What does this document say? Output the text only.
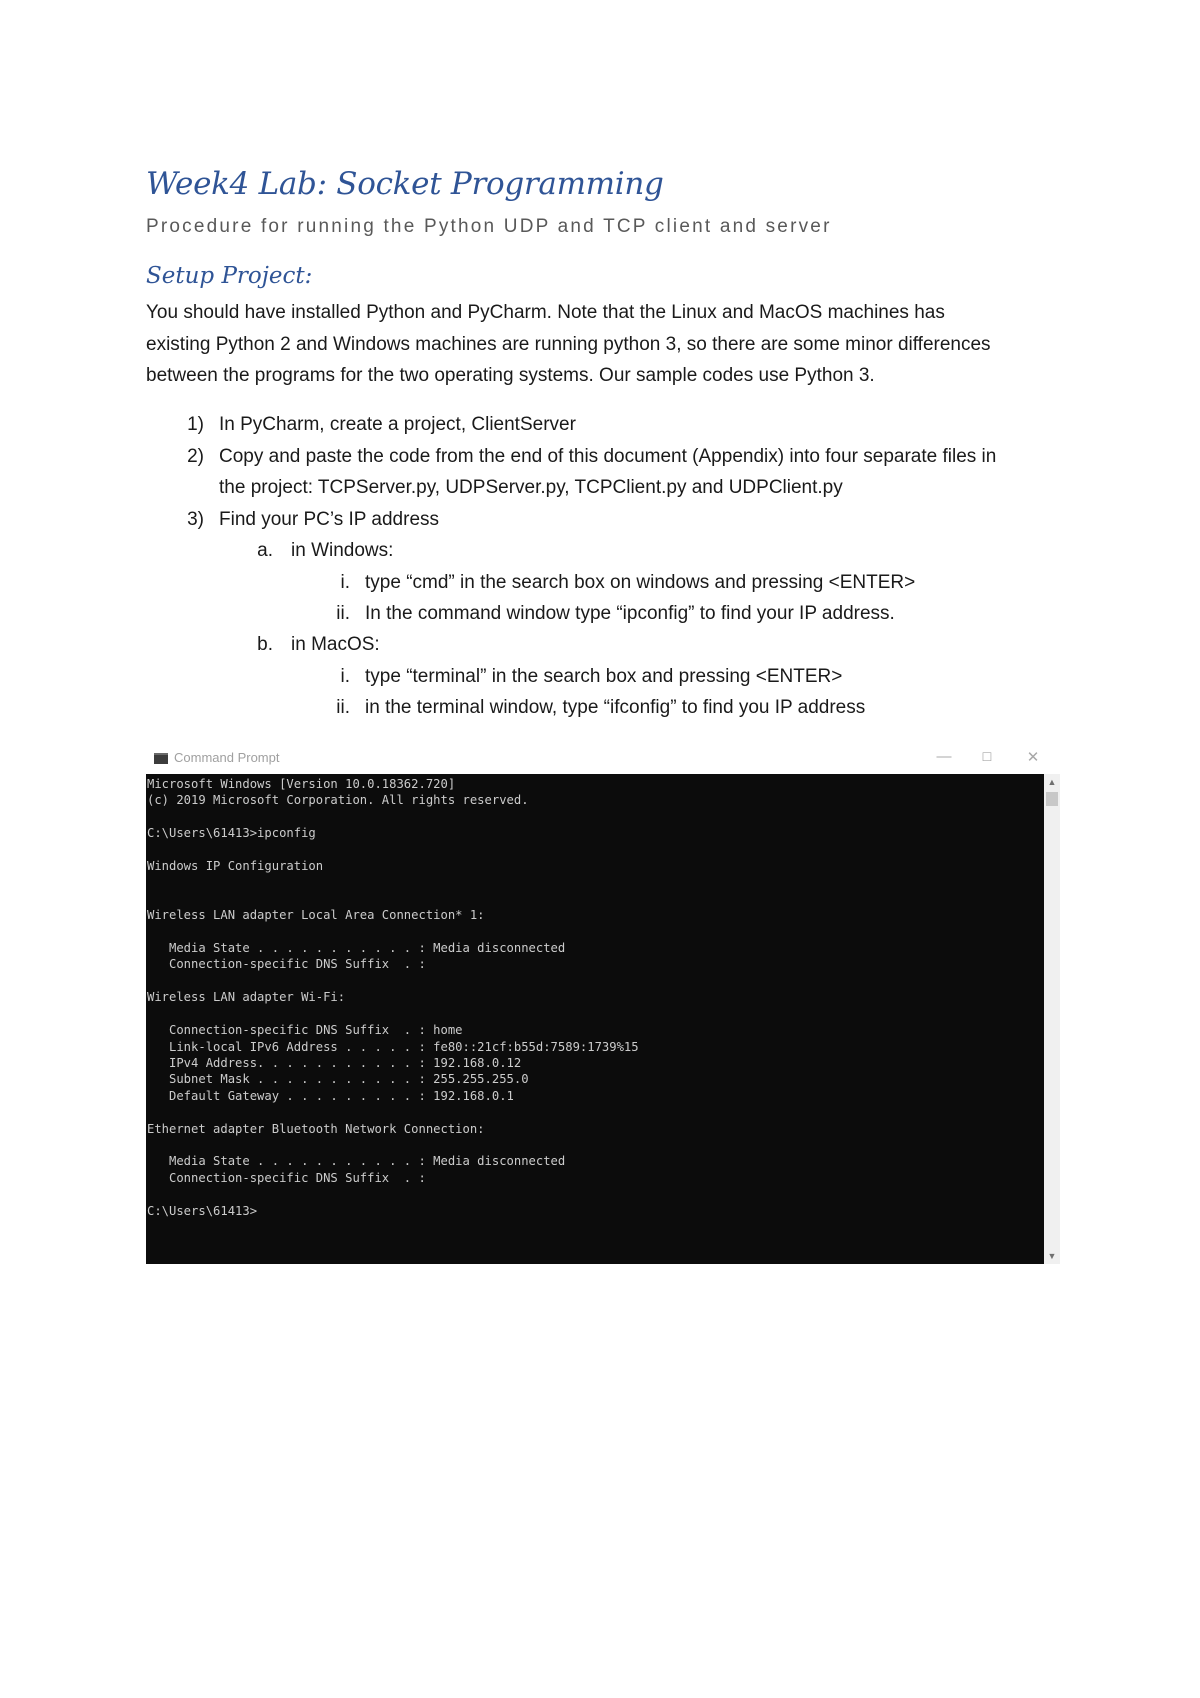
Week4 Lab: Socket Programming
Procedure for running the Python UDP and TCP client and server
Setup Project:
You should have installed Python and PyCharm. Note that the Linux and MacOS machines has
existing Python 2 and Windows machines are running python 3, so there are some minor differences
between the programs for the two operating systems. Our sample codes use Python 3.
1) In PyCharm, create a project, ClientServer
2) Copy and paste the code from the end of this document (Appendix) into four separate files in
the project: TCPServer.py, UDPServer.py, TCPClient.py and UDPClient.py
3) Find your PC’s IP address
a. in Windows:
i. type “cmd” in the search box on windows and pressing <ENTER>
ii. In the command window type “ipconfig” to find your IP address.
b. in MacOS:
i. type “terminal” in the search box and pressing <ENTER>
ii. in the terminal window, type “ifconfig” to find you IP address
Command Prompt	—	☐	✕
Microsoft Windows [Version 10.0.18362.720]
(c) 2019 Microsoft Corporation. All rights reserved.

C:\Users\61413>ipconfig

Windows IP Configuration

Wireless LAN adapter Local Area Connection* 1:

Media State . . . . . . . . . . . : Media disconnected
Connection-specific DNS Suffix  . :

Wireless LAN adapter Wi-Fi:

Connection-specific DNS Suffix  . : home
Link-local IPv6 Address . . . . . : fe80::21cf:b55d:7589:1739%15
IPv4 Address. . . . . . . . . . . : 192.168.0.12
Subnet Mask . . . . . . . . . . . : 255.255.255.0
Default Gateway . . . . . . . . . : 192.168.0.1

Ethernet adapter Bluetooth Network Connection:

Media State . . . . . . . . . . . : Media disconnected
Connection-specific DNS Suffix  . :

C:\Users\61413>

▲
▼
